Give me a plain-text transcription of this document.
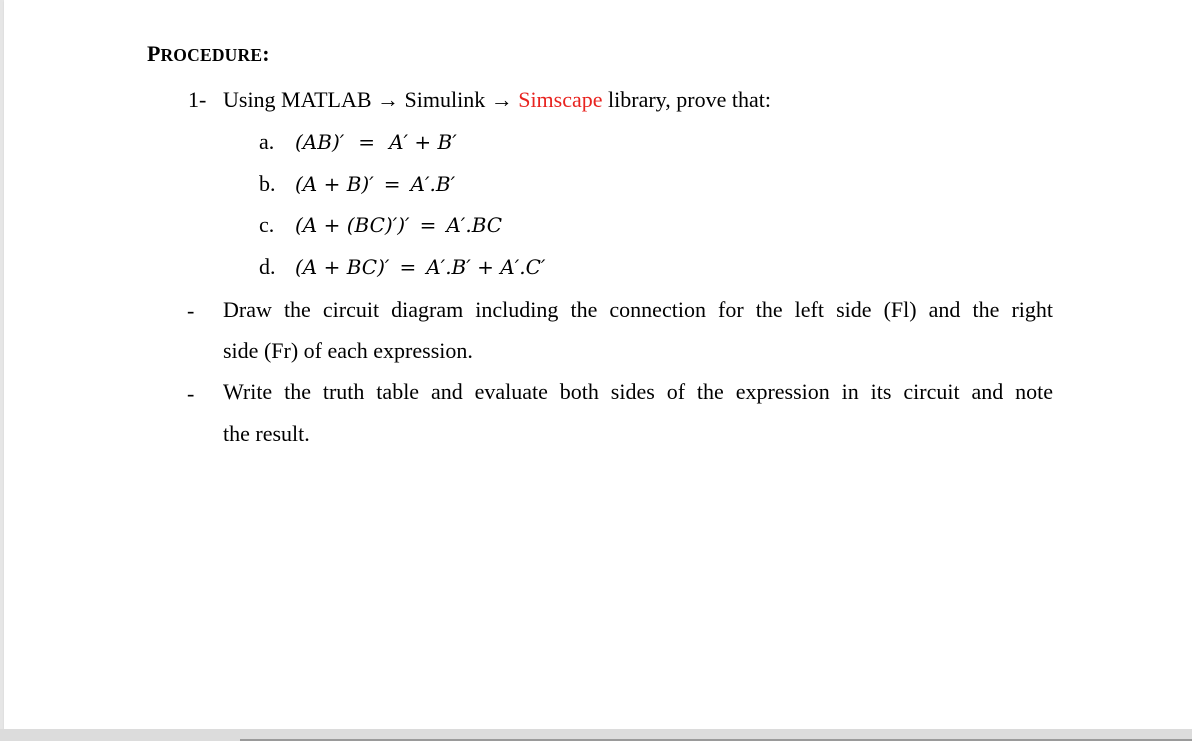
PROCEDURE:
1- Using MATLAB → Simulink → Simscape library, prove that:
a. (AB)′ = A′ + B′
b. (A + B)′ = A′.B′
c. (A + (BC)′)′ = A′.BC
d. (A + BC)′ = A′.B′ + A′.C′
- Draw the circuit diagram including the connection for the left side (Fl) and the right
side (Fr) of each expression.
- Write the truth table and evaluate both sides of the expression in its circuit and note
the result.
